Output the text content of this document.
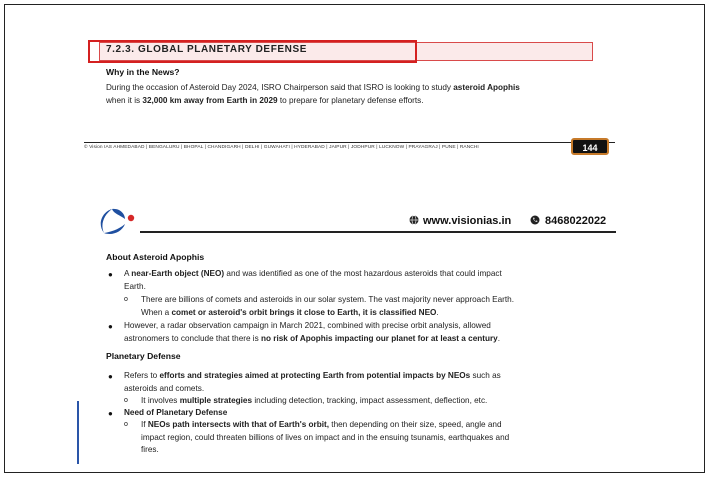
7.2.3. GLOBAL PLANETARY DEFENSE
Why in the News?
During the occasion of Asteroid Day 2024, ISRO Chairperson said that ISRO is looking to study asteroid Apophis
when it is 32,000 km away from Earth in 2029 to prepare for planetary defense efforts.
© Vision IAS AHMEDABAD | BENGALURU | BHOPAL | CHANDIGARH | DELHI | GUWAHATI | HYDERABAD | JAIPUR | JODHPUR | LUCKNOW | PRAYAGRAJ | PUNE | RANCHI	144
www.visionias.in	8468022022
About Asteroid Apophis
● A near-Earth object (NEO) and was identified as one of the most hazardous asteroids that could impact
Earth.
o There are billions of comets and asteroids in our solar system. The vast majority never approach Earth.
When a comet or asteroid's orbit brings it close to Earth, it is classified NEO.
● However, a radar observation campaign in March 2021, combined with precise orbit analysis, allowed
astronomers to conclude that there is no risk of Apophis impacting our planet for at least a century.
Planetary Defense
● Refers to efforts and strategies aimed at protecting Earth from potential impacts by NEOs such as
asteroids and comets.
o It involves multiple strategies including detection, tracking, impact assessment, deflection, etc.
● Need of Planetary Defense
o If NEOs path intersects with that of Earth's orbit, then depending on their size, speed, angle and
impact region, could threaten billions of lives on impact and in the ensuing tsunamis, earthquakes and
fires.
